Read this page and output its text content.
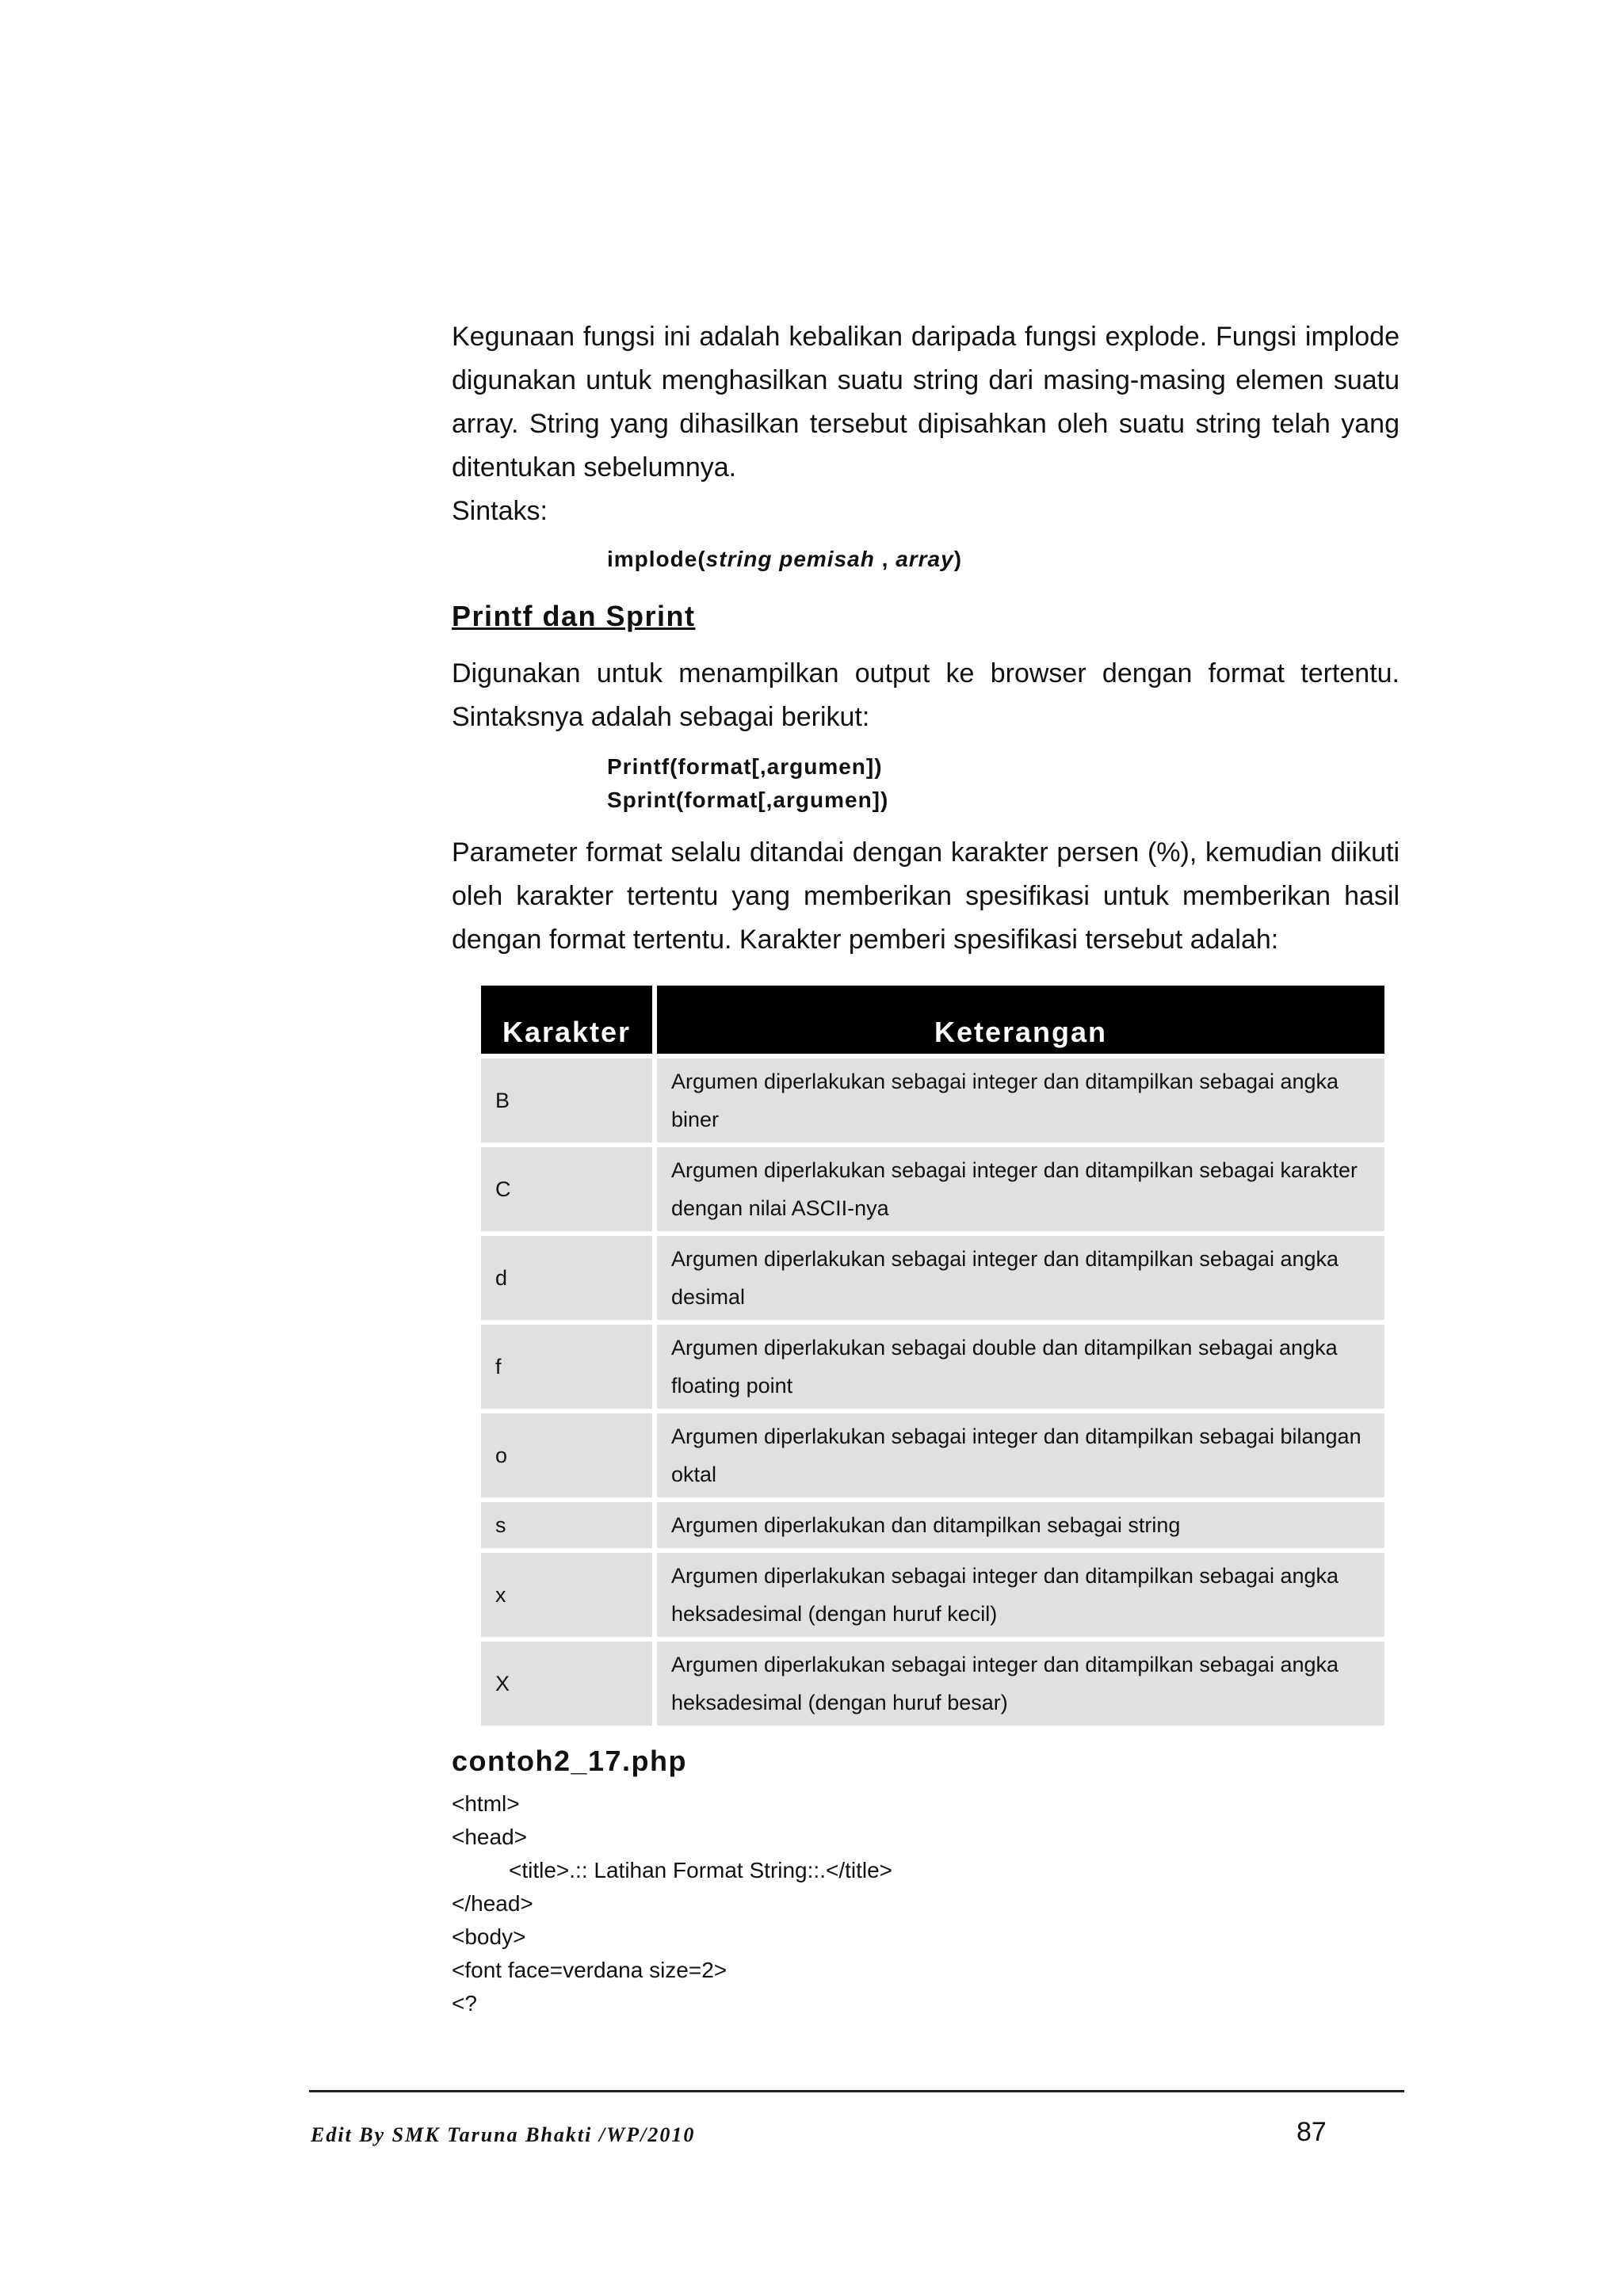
Kegunaan fungsi ini adalah kebalikan daripada fungsi explode. Fungsi implode digunakan untuk menghasilkan suatu string dari masing-masing elemen suatu array. String yang dihasilkan tersebut dipisahkan oleh suatu string telah yang ditentukan sebelumnya.

Sintaks:

implode(string pemisah , array)
Printf dan Sprint

Digunakan untuk menampilkan output ke browser dengan format tertentu. Sintaksnya adalah sebagai berikut:

Printf(format[,argumen])
Sprint(format[,argumen])

Parameter format selalu ditandai dengan karakter persen (%), kemudian diikuti oleh karakter tertentu yang memberikan spesifikasi untuk memberikan hasil dengan format tertentu. Karakter pemberi spesifikasi tersebut adalah:

Karakter	Keterangan
B	Argumen diperlakukan sebagai integer dan ditampilkan sebagai angka biner
C	Argumen diperlakukan sebagai integer dan ditampilkan sebagai karakter dengan nilai ASCII-nya
d	Argumen diperlakukan sebagai integer dan ditampilkan sebagai angka desimal
f	Argumen diperlakukan sebagai double dan ditampilkan sebagai angka floating point
o	Argumen diperlakukan sebagai integer dan ditampilkan sebagai bilangan oktal
s	Argumen diperlakukan dan ditampilkan sebagai string
x	Argumen diperlakukan sebagai integer dan ditampilkan sebagai angka heksadesimal (dengan huruf kecil)
X	Argumen diperlakukan sebagai integer dan ditampilkan sebagai angka heksadesimal (dengan huruf besar)
contoh2_17.php
<html>
<head>
<title>.:: Latihan Format String::.</title>
</head>
<body>
<font face=verdana size=2>
<?
Edit By SMK Taruna Bhakti /WP/2010	87
